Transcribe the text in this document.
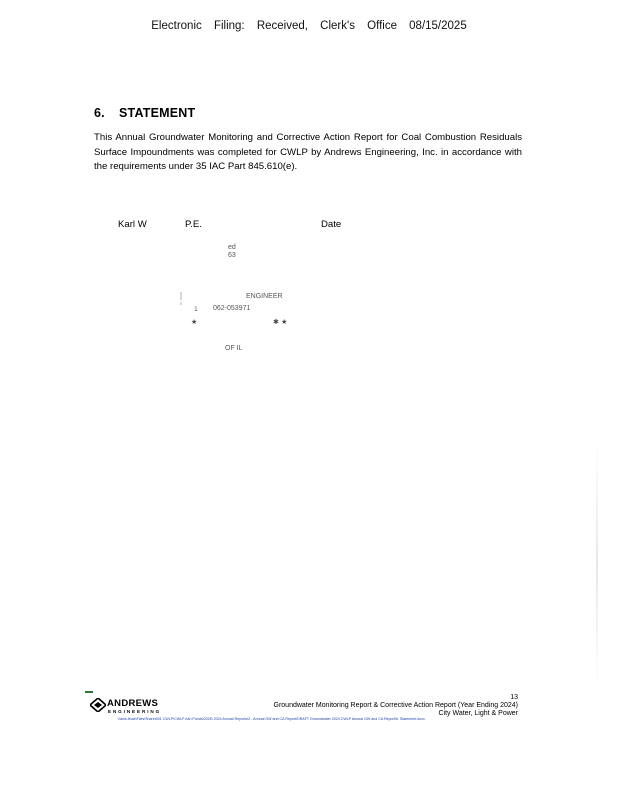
Electronic Filing: Received, Clerk's Office 08/15/2025
6. STATEMENT
This Annual Groundwater Monitoring and Corrective Action Report for Coal Combustion Residuals Surface Impoundments was completed for CWLP by Andrews Engineering, Inc. in accordance with the requirements under 35 IAC Part 845.610(e).
Karl W	P.E.	Date
★	✱ ★
1
ed
63
ENGINEER
062-053971
OF IL
ANDREWS
ENGINEERING
13
Groundwater Monitoring Report & Corrective Action Report (Year Ending 2024)
City Water, Light & Power
\\aeis-fs\ae\Files\Shared\01 CWLP\CWLP Ash Ponds\2025\ 2024 Annual Reports\2 - Annual GW and CA Report\DRAFT Groundwater 2024 CWLP Annual GW and CA Report\6. Statement.docx
